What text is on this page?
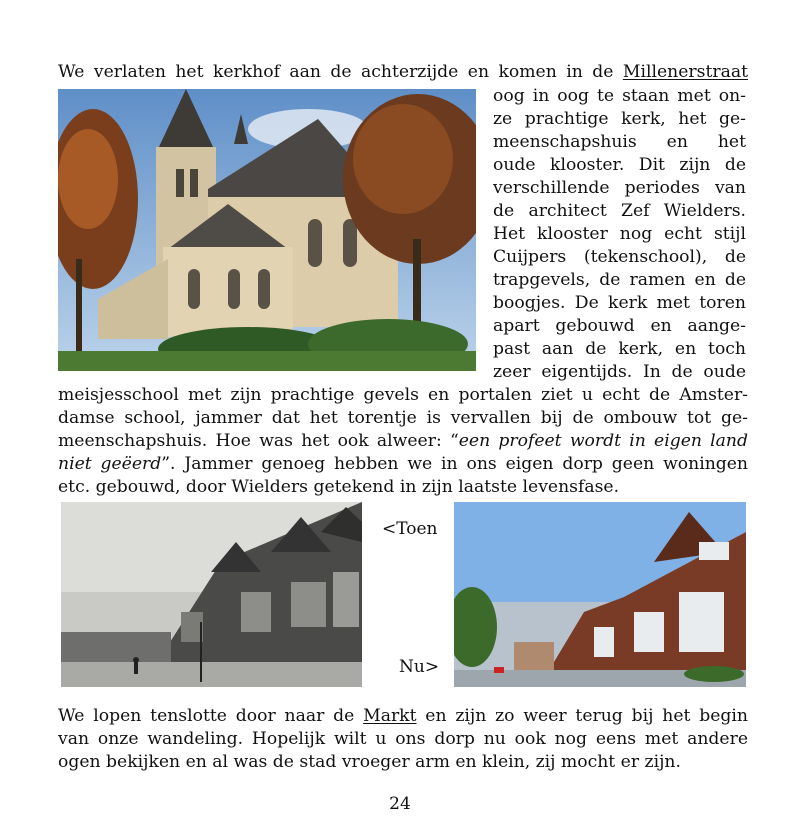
We verlaten het kerkhof aan de achterzijde en komen in de Millenerstraat
oog in oog te staan met on-
ze prachtige kerk, het ge-
meenschapshuis en het
oude klooster. Dit zijn de
verschillende periodes van
de architect Zef Wielders.
Het klooster nog echt stijl
Cuijpers (tekenschool), de
trapgevels, de ramen en de
boogjes. De kerk met toren
apart gebouwd en aange-
past aan de kerk, en toch
zeer eigentijds. In de oude
meisjesschool met zijn prachtige gevels en portalen ziet u echt de Amster-
damse school, jammer dat het torentje is vervallen bij de ombouw tot ge-
meenschapshuis. Hoe was het ook alweer: “een profeet wordt in eigen land
niet geëerd”. Jammer genoeg hebben we in ons eigen dorp geen woningen
etc. gebouwd, door Wielders getekend in zijn laatste levensfase.
<Toen
Nu>
We lopen tenslotte door naar de Markt en zijn zo weer terug bij het begin
van onze wandeling. Hopelijk wilt u ons dorp nu ook nog eens met andere
ogen bekijken en al was de stad vroeger arm en klein, zij mocht er zijn.
24
